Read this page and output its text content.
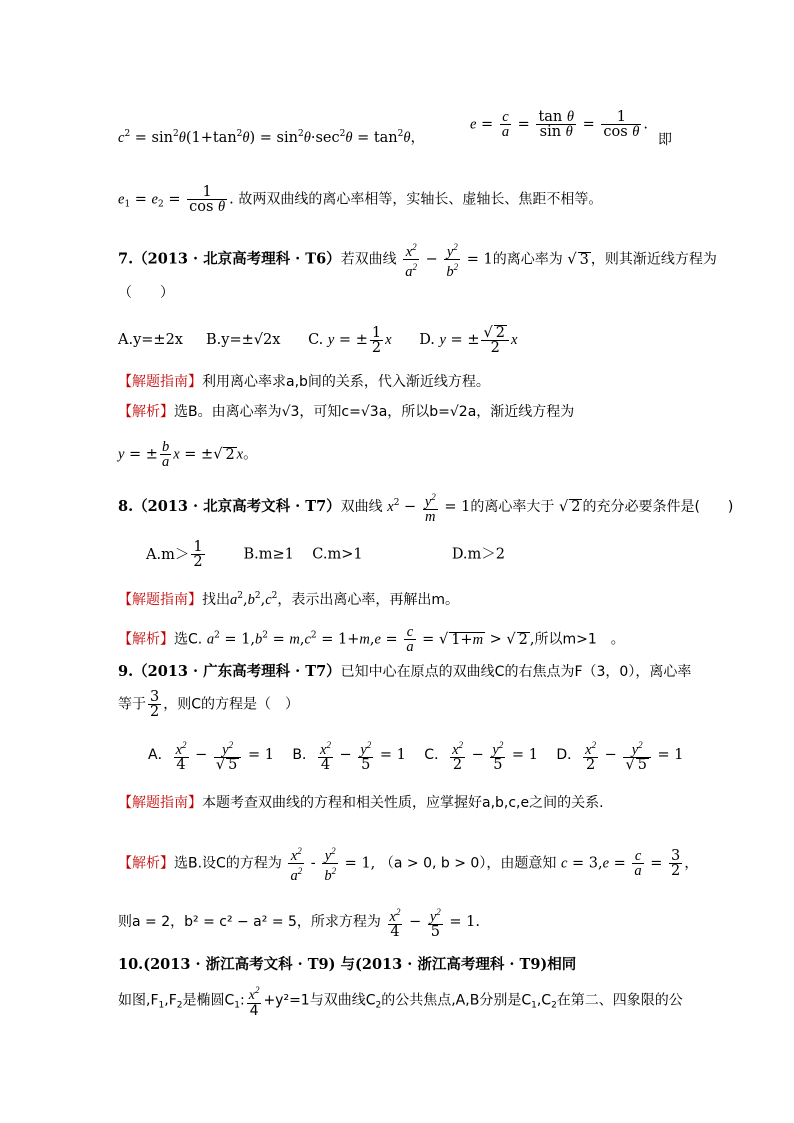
$c^2 = \sin^2\theta(1+\tan^2\theta) = \sin^2\theta\cdot\sec^2\theta = \tan^2\theta$，
$e = \frac{c}{a} = \frac{\text{tan θ}}{\text{sin θ}} = \frac{1}{\text{cos θ}}$ .
即
$e_1 = e_2 = \frac{1}{\text{cos θ}}$ . 故两双曲线的离心率相等，实轴长、虚轴长、焦距不相等。
7.（2013 · 北京高考理科 · T6）若双曲线 $\frac{x^2}{a^2} - \frac{y^2}{b^2} = 1$的离心率为 √ 3 ，则其渐近线方程为
（　　）
A.y=±2x B.y=±√2x C. y = ± $\frac{1}{2}$ x D. y = ± $\frac{√ 2}{2}$ x
【解题指南】利用离心率求a,b间的关系，代入渐近线方程。
【解析】选B。由离心率为√3，可知c=√3a，所以b=√2a，渐近线方程为
y = ± $\frac{b}{a}$ x = ±√ 2 x。
8.（2013 · 北京高考文科 · T7）双曲线 $x^2 - \frac{y^2}{m} = 1$的离心率大于 √ 2 的充分必要条件是(　　)
$A.m> \frac{1}{2}$	B.m≥1 C.m>1	D.m＞2
【解题指南】找出$a^2,b^2,c^2$，表示出离心率，再解出m。
【解析】选C. $a^2 = 1,b^2 = m,c^2 = 1+m,e = \frac{c}{a}$ = √ 1+m > √ 2 ,所以m>1　。
9.（2013 · 广东高考理科 · T7）已知中心在原点的双曲线C的右焦点为F（3，0），离心率
等于 $\frac{3}{2}$ ，则C的方程是（　）
A． $\frac{x^2}{4} - \frac{y^2}{√ 5} = 1$ B． $\frac{x^2}{4} - \frac{y^2}{5} = 1$ C． $\frac{x^2}{2} - \frac{y^2}{5} = 1$ D． $\frac{x^2}{2} - \frac{y^2}{√ 5} = 1$
【解题指南】本题考查双曲线的方程和相关性质，应掌握好a,b,c,e之间的关系.
【解析】选B.设C的方程为 $\frac{x^2}{a^2} - \frac{y^2}{b^2} = 1$, （a > 0, b > 0），由题意知 $c = 3,e = \frac{c}{a} = \frac{3}{2}$ ，
则a = 2，b² = c² − a² = 5，所求方程为 $\frac{x^2}{4} - \frac{y^2}{5} = 1$.
10.(2013 · 浙江高考文科 · T9) 与(2013 · 浙江高考理科 · T9)相同
如图$,F_1,F_2$是椭圆$C_1$: $\frac{x^2}{4} +y^2=1$与双曲线$C_2$的公共焦点,A,B分别是$C_1,C_2$在第二、四象限的公
